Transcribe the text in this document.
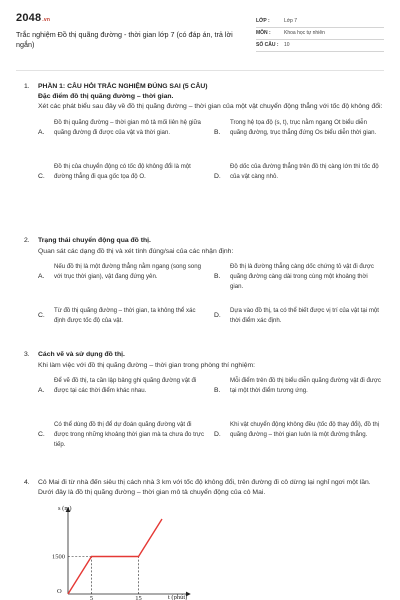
2048.vn
Trắc nghiệm Đồ thị quãng đường - thời gian lớp 7 (có đáp án, trả lời ngắn)
LỚP :	Lớp 7
MÔN :	Khoa học tự nhiên
SỐ CÂU : 10
1. PHẦN 1: CÂU HỎI TRẮC NGHIỆM ĐÚNG SAI (5 CÂU)
Đặc điểm đồ thị quãng đường – thời gian.
Xét các phát biểu sau đây về đồ thị quãng đường – thời gian của một vật chuyển động thẳng với tốc độ không đổi:
A.
Đồ thị quãng đường – thời gian mô tả mối liên hệ giữa quãng đường đi được của vật và thời gian.	B.
Trong hệ tọa độ (s, t), trục nằm ngang Ot biểu diễn quãng đường, trục thẳng đứng Os biểu diễn thời gian.
C.
Đồ thị của chuyển động có tốc độ không đổi là một đường thẳng đi qua gốc tọa độ O.	D.
Độ dốc của đường thẳng trên đồ thị càng lớn thì tốc độ của vật càng nhỏ.
2. Trạng thái chuyển động qua đồ thị.
Quan sát các dạng đồ thị và xét tính đúng/sai của các nhận định:
A.
Nếu đồ thị là một đường thẳng nằm ngang (song song với trục thời gian), vật đang đứng yên.	B.
Đồ thị là đường thẳng càng dốc chứng tỏ vật đi được quãng đường càng dài trong cùng một khoảng thời gian.
C.
Từ đồ thị quãng đường – thời gian, ta không thể xác định được tốc độ của vật.
D.
Dựa vào đồ thị, ta có thể biết được vị trí của vật tại một thời điểm xác định.
3. Cách vẽ và sử dụng đồ thị.
Khi làm việc với đồ thị quãng đường – thời gian trong phòng thí nghiệm:
A.
Để vẽ đồ thị, ta cần lập bảng ghi quãng đường vật đi được tại các thời điểm khác nhau.	B.
Mỗi điểm trên đồ thị biểu diễn quãng đường vật đi được tại một thời điểm tương ứng.
C.
Có thể dùng đồ thị để dự đoán quãng đường vật đi được trong những khoảng thời gian mà ta chưa đo trực tiếp.
D.
Khi vật chuyển động không đều (tốc độ thay đổi), đồ thị quãng đường – thời gian luôn là một đường thẳng.
4. Cô Mai đi từ nhà đến siêu thị cách nhà 3 km với tốc độ không đổi, trên đường đi cô dừng lại nghỉ ngơi một lần. Dưới đây là đồ thị quãng đường – thời gian mô tả chuyển động của cô Mai.
s (m)
t (phút)
O
1500
5	15
